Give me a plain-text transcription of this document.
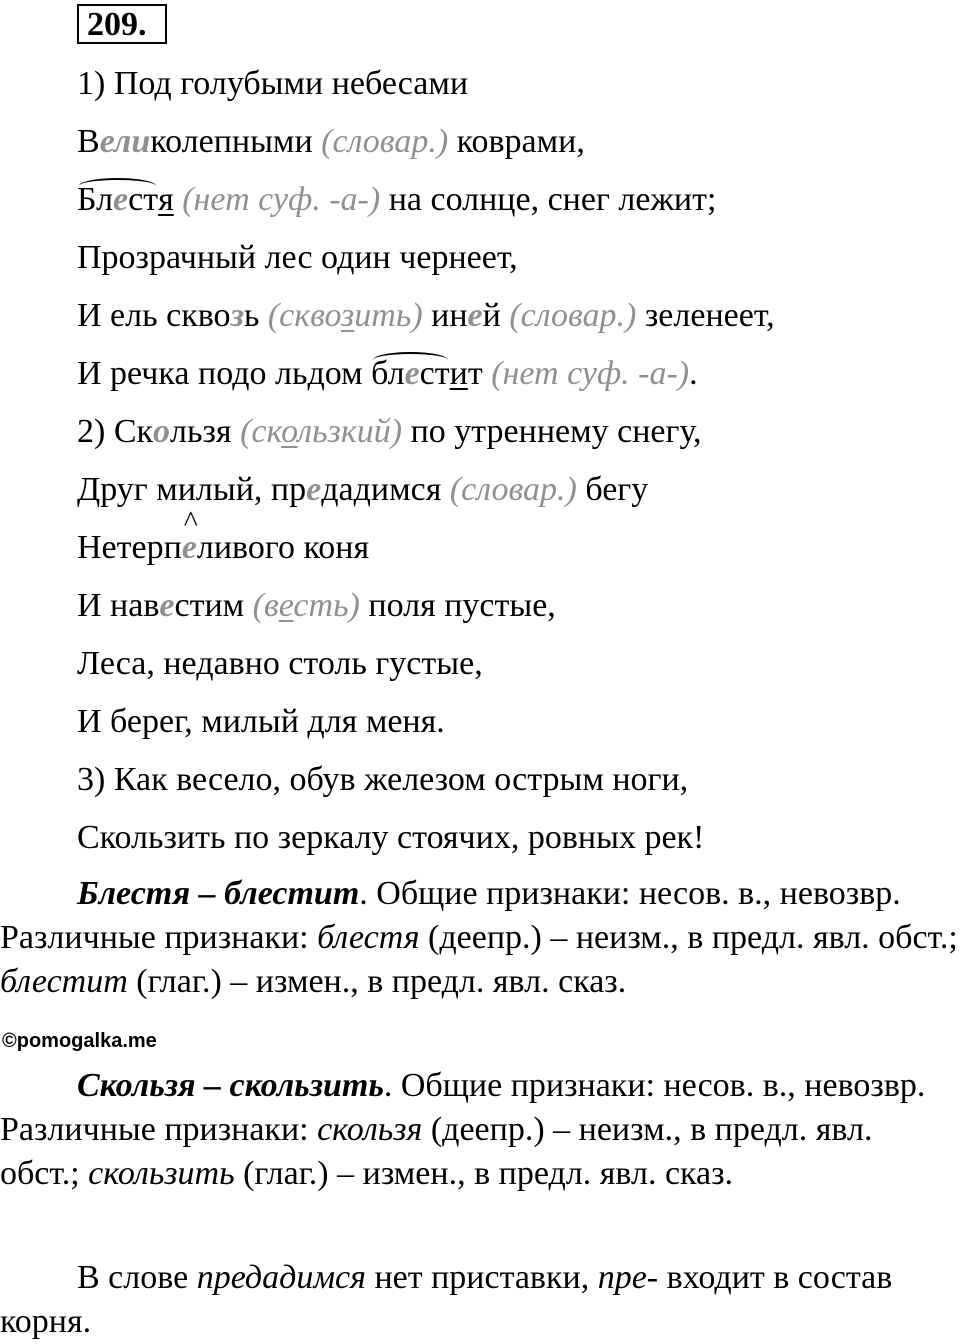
209.
1) Под голубыми небесами
Великолепными (словар.) коврами,
Блестя (нет суф. -а-) на солнце, снег лежит;
Прозрачный лес один чернеет,
И ель сквозь (сквозить) иней (словар.) зеленеет,
И речка подо льдом блестит (нет суф. -а-).
2) Скользя (скользкий) по утреннему снегу,
Друг милый, предадимся (словар.) бегу
Нетерп^ еливого коня
И навестим (весть) поля пустые,
Леса, недавно столь густые,
И берег, милый для меня.
3) Как весело, обув железом острым ноги,
Скользить по зеркалу стоячих, ровных рек!
Блестя – блестит. Общие признаки: несов. в., невозвр. Различные признаки: блестя (деепр.) – неизм., в предл. явл. обст.; блестит (глаг.) – измен., в предл. явл. сказ.
©pomogalka.me
Скользя – скользить. Общие признаки: несов. в., невозвр. Различные признаки: скользя (деепр.) – неизм., в предл. явл. обст.; скользить (глаг.) – измен., в предл. явл. сказ.
В слове предадимся нет приставки, пре- входит в состав корня.
